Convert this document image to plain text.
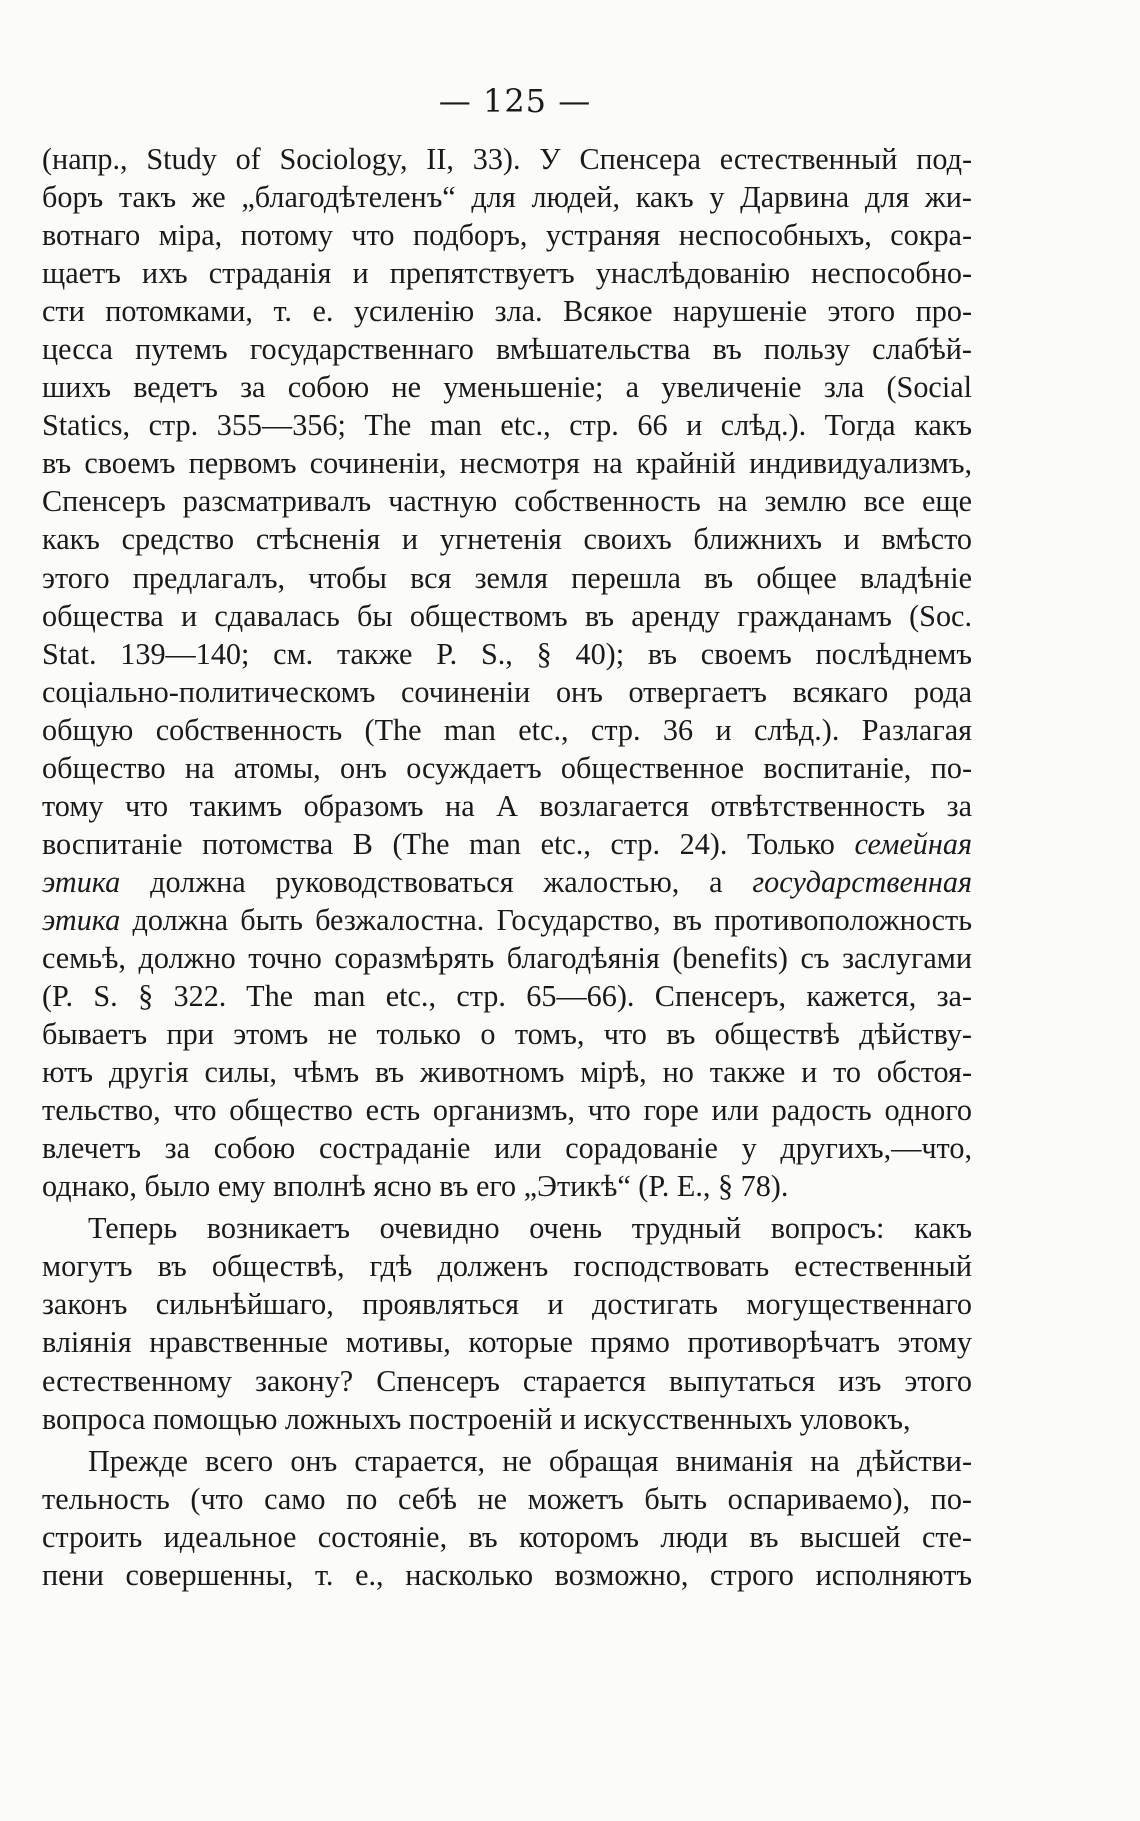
— 125 —
(напр., Study of Sociology, II, 33). У Спенсера естественный под-
боръ такъ же „благодѣтеленъ“ для людей, какъ у Дарвина для жи-
вотнаго міра, потому что подборъ, устраняя неспособныхъ, сокра-
щаетъ ихъ страданія и препятствуетъ унаслѣдованію неспособно-
сти потомками, т. е. усиленію зла. Всякое нарушеніе этого про-
цесса путемъ государственнаго вмѣшательства въ пользу слабѣй-
шихъ ведетъ за собою не уменьшеніе; а увеличеніе зла (Social
Statics, стр. 355—356; The man etc., стр. 66 и слѣд.). Тогда какъ
въ своемъ первомъ сочиненіи, несмотря на крайній индивидуализмъ,
Спенсеръ разсматривалъ частную собственность на землю все еще
какъ средство стѣсненія и угнетенія своихъ ближнихъ и вмѣсто
этого предлагалъ, чтобы вся земля перешла въ общее владѣніе
общества и сдавалась бы обществомъ въ аренду гражданамъ (Soc.
Stat. 139—140; см. также P. S., § 40); въ своемъ послѣднемъ
соціально-политическомъ сочиненіи онъ отвергаетъ всякаго рода
общую собственность (The man etc., стр. 36 и слѣд.). Разлагая
общество на атомы, онъ осуждаетъ общественное воспитаніе, по-
тому что такимъ образомъ на А возлагается отвѣтственность за
воспитаніе потомства В (The man etc., стр. 24). Только семейная
этика должна руководствоваться жалостью, а государственная
этика должна быть безжалостна. Государство, въ противоположность
семьѣ, должно точно соразмѣрять благодѣянія (benefits) съ заслугами
(P. S. § 322. The man etc., стр. 65—66). Спенсеръ, кажется, за-
бываетъ при этомъ не только о томъ, что въ обществѣ дѣйству-
ютъ другія силы, чѣмъ въ животномъ мірѣ, но также и то обстоя-
тельство, что общество есть организмъ, что горе или радость одного
влечетъ за собою состраданіе или сорадованіе у другихъ,—что,
однако, было ему вполнѣ ясно въ его „Этикѣ“ (P. E., § 78).
Теперь возникаетъ очевидно очень трудный вопросъ: какъ
могутъ въ обществѣ, гдѣ долженъ господствовать естественный
законъ сильнѣйшаго, проявляться и достигать могущественнаго
вліянія нравственные мотивы, которые прямо противорѣчатъ этому
естественному закону? Спенсеръ старается выпутаться изъ этого
вопроса помощью ложныхъ построеній и искусственныхъ уловокъ,
Прежде всего онъ старается, не обращая вниманія на дѣйстви-
тельность (что само по себѣ не можетъ быть оспариваемо), по-
строить идеальное состояніе, въ которомъ люди въ высшей сте-
пени совершенны, т. е., насколько возможно, строго исполняютъ
